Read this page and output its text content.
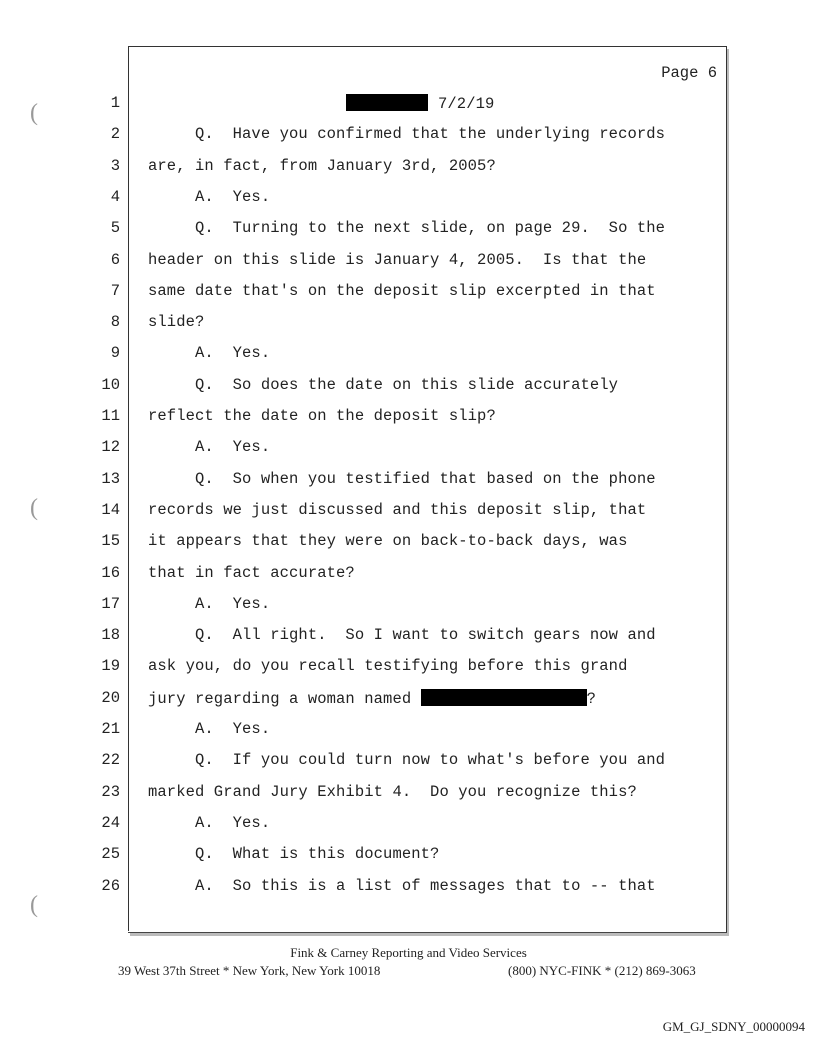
Page 6
(
(
(
1	7/2/19
2 Q.  Have you confirmed that the underlying records
3 are, in fact, from January 3rd, 2005?
4 A.  Yes.
5 Q.  Turning to the next slide, on page 29.  So the
6 header on this slide is January 4, 2005.  Is that the
7 same date that's on the deposit slip excerpted in that
8 slide?
9 A.  Yes.
10 Q.  So does the date on this slide accurately
11 reflect the date on the deposit slip?
12 A.  Yes.
13 Q.  So when you testified that based on the phone
14 records we just discussed and this deposit slip, that
15 it appears that they were on back-to-back days, was
16 that in fact accurate?
17 A.  Yes.
18 Q.  All right.  So I want to switch gears now and
19 ask you, do you recall testifying before this grand
20 jury regarding a woman named	?
21 A.  Yes.
22 Q.  If you could turn now to what's before you and
23 marked Grand Jury Exhibit 4.  Do you recognize this?
24 A.  Yes.
25 Q.  What is this document?
26 A.  So this is a list of messages that to -- that
Fink & Carney Reporting and Video Services
39 West 37th Street * New York, New York 10018	(800) NYC-FINK * (212) 869-3063
GM_GJ_SDNY_00000094
